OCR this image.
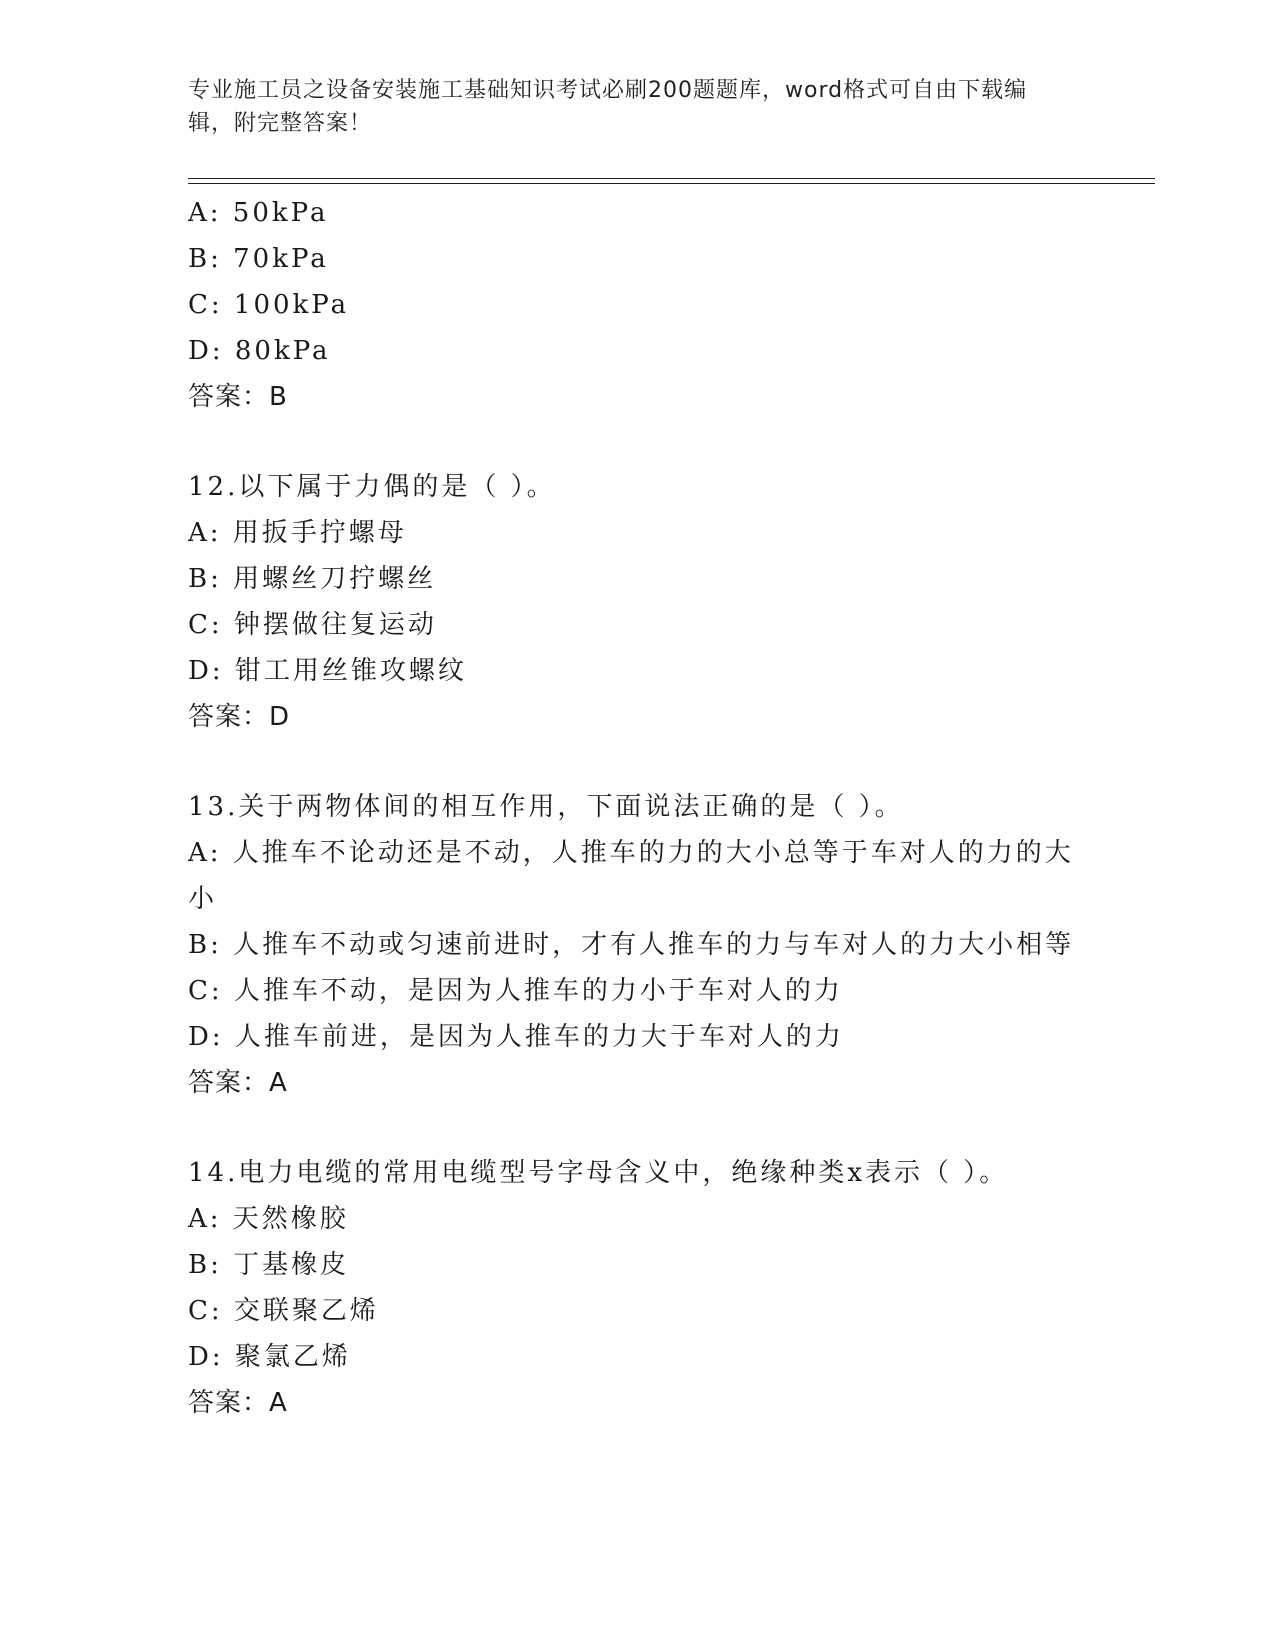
专业施工员之设备安装施工基础知识考试必刷200题题库，word格式可自由下载编辑，附完整答案！
A: 50kPa
B: 70kPa
C: 100kPa
D: 80kPa
答案：B
12.以下属于力偶的是（ ）。
A: 用扳手拧螺母
B: 用螺丝刀拧螺丝
C: 钟摆做往复运动
D: 钳工用丝锥攻螺纹
答案：D
13.关于两物体间的相互作用，下面说法正确的是（ ）。
A: 人推车不论动还是不动，人推车的力的大小总等于车对人的力的大小
B: 人推车不动或匀速前进时，才有人推车的力与车对人的力大小相等
C: 人推车不动，是因为人推车的力小于车对人的力
D: 人推车前进，是因为人推车的力大于车对人的力
答案：A
14.电力电缆的常用电缆型号字母含义中，绝缘种类x表示（ ）。
A: 天然橡胶
B: 丁基橡皮
C: 交联聚乙烯
D: 聚氯乙烯
答案：A
